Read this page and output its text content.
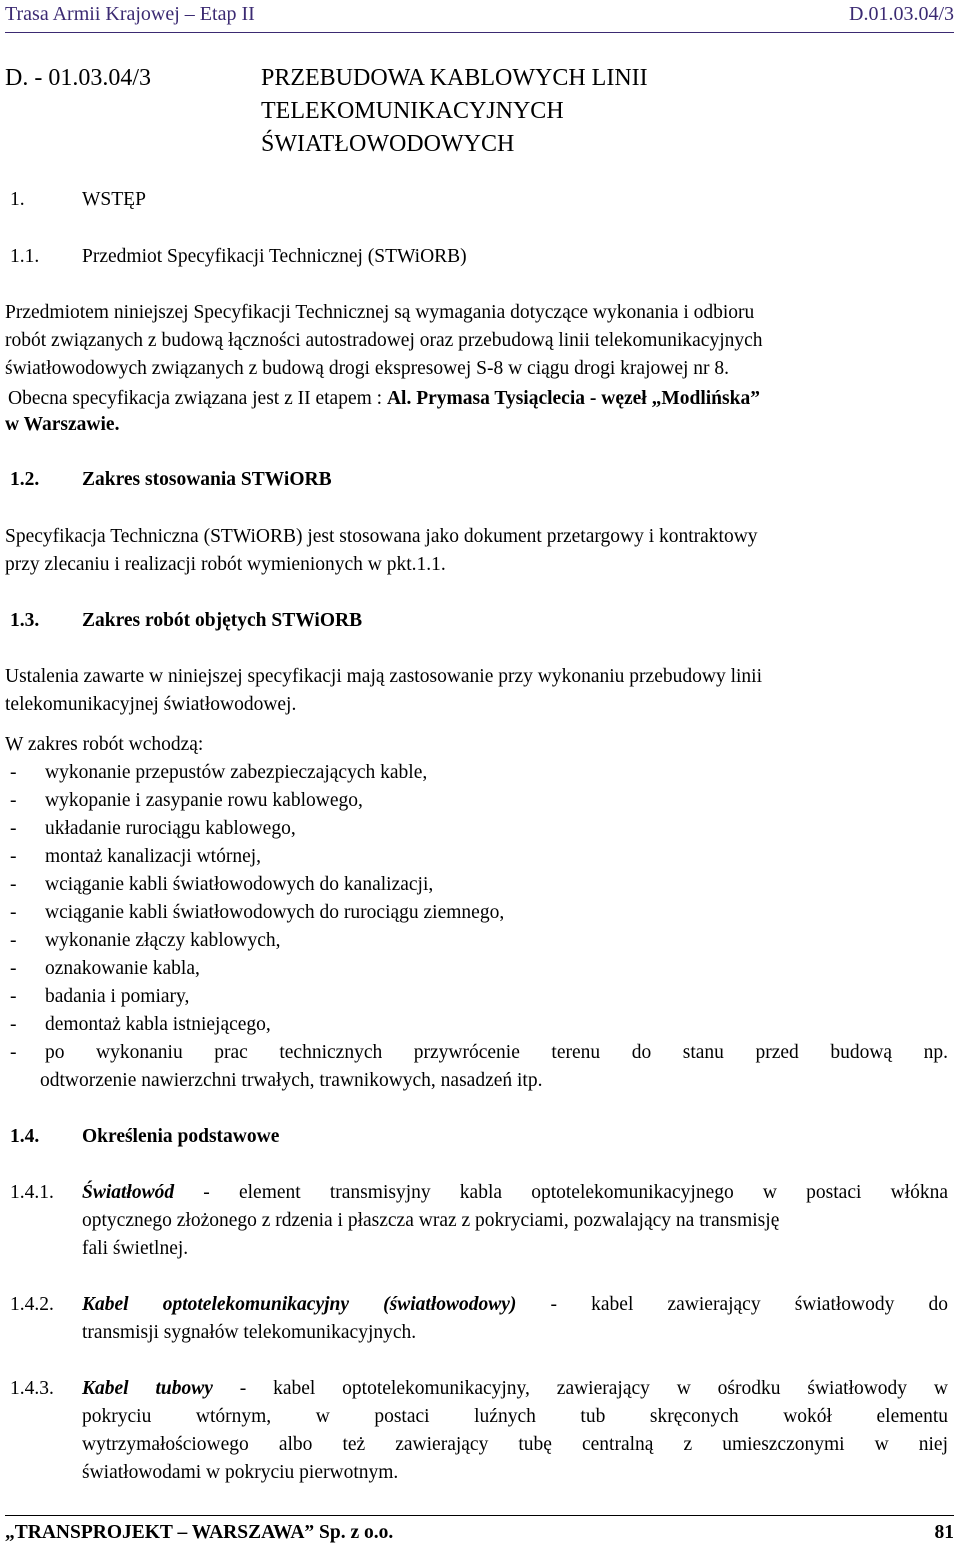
Trasa Armii Krajowej – Etap II	D.01.03.04/3
D. - 01.03.04/3	PRZEBUDOWA KABLOWYCH LINII
TELEKOMUNIKACYJNYCH
ŚWIATŁOWODOWYCH
1.	WSTĘP
1.1. Przedmiot Specyfikacji Technicznej (STWiORB)
Przedmiotem niniejszej Specyfikacji Technicznej są wymagania dotyczące wykonania i odbioru
robót związanych z budową łączności autostradowej oraz przebudową linii telekomunikacyjnych
światłowodowych związanych z budową drogi ekspresowej S-8 w ciągu drogi krajowej nr 8.
Obecna specyfikacja związana jest z II etapem : Al. Prymasa Tysiąclecia - węzeł „Modlińska”
w Warszawie.
1.2. Zakres stosowania STWiORB
Specyfikacja Techniczna (STWiORB) jest stosowana jako dokument przetargowy i kontraktowy
przy zlecaniu i realizacji robót wymienionych w pkt.1.1.
1.3. Zakres robót objętych STWiORB
Ustalenia zawarte w niniejszej specyfikacji mają zastosowanie przy wykonaniu przebudowy linii
telekomunikacyjnej światłowodowej.
W zakres robót wchodzą:
- wykonanie przepustów zabezpieczających kable,
- wykopanie i zasypanie rowu kablowego,
- układanie rurociągu kablowego,
- montaż kanalizacji wtórnej,
- wciąganie kabli światłowodowych do kanalizacji,
- wciąganie kabli światłowodowych do rurociągu ziemnego,
- wykonanie złączy kablowych,
- oznakowanie kabla,
- badania i pomiary,
- demontaż kabla istniejącego,
- po wykonaniu prac technicznych przywrócenie terenu do stanu przed budową np.
odtworzenie nawierzchni trwałych, trawnikowych, nasadzeń itp.
1.4. Określenia podstawowe
1.4.1. Światłowód - element transmisyjny kabla optotelekomunikacyjnego w postaci włókna
optycznego złożonego z rdzenia i płaszcza wraz z pokryciami, pozwalający na transmisję
fali świetlnej.
1.4.2. Kabel optotelekomunikacyjny (światłowodowy) - kabel zawierający światłowody do
transmisji sygnałów telekomunikacyjnych.
1.4.3. Kabel tubowy - kabel optotelekomunikacyjny, zawierający w ośrodku światłowody w
pokryciu wtórnym, w postaci luźnych tub skręconych wokół elementu
wytrzymałościowego albo też zawierający tubę centralną z umieszczonymi w niej
światłowodami w pokryciu pierwotnym.
„TRANSPROJEKT – WARSZAWA” Sp. z o.o.	81
